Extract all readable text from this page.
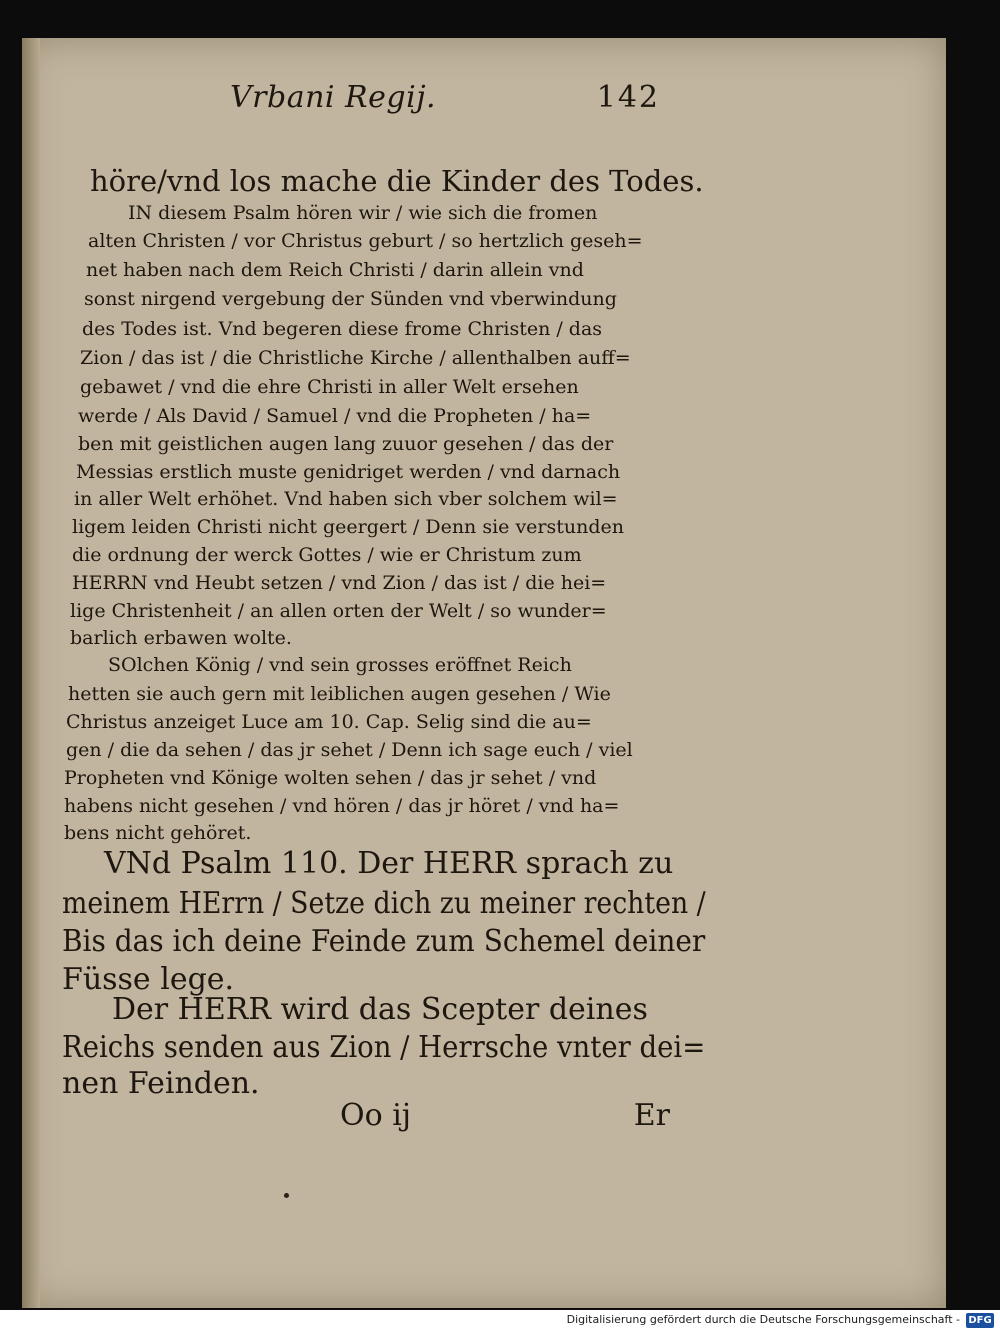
Vrbani Regij.	142
höre/vnd los mache die Kinder des Todes.
IN diesem Psalm hören wir / wie sich die fromen
alten Christen / vor Christus geburt / so hertzlich geseh=
net haben nach dem Reich Christi / darin allein vnd
sonst nirgend vergebung der Sünden vnd vberwindung
des Todes ist. Vnd begeren diese frome Christen / das
Zion / das ist / die Christliche Kirche / allenthalben auff=
gebawet / vnd die ehre Christi in aller Welt ersehen
werde / Als David / Samuel / vnd die Propheten / ha=
ben mit geistlichen augen lang zuuor gesehen / das der
Messias erstlich muste genidriget werden / vnd darnach
in aller Welt erhöhet. Vnd haben sich vber solchem wil=
ligem leiden Christi nicht geergert / Denn sie verstunden
die ordnung der werck Gottes / wie er Christum zum
HERRN vnd Heubt setzen / vnd Zion / das ist / die hei=
lige Christenheit / an allen orten der Welt / so wunder=
barlich erbawen wolte.
SOlchen König / vnd sein grosses eröffnet Reich
hetten sie auch gern mit leiblichen augen gesehen / Wie
Christus anzeiget Luce am 10. Cap. Selig sind die au=
gen / die da sehen / das jr sehet / Denn ich sage euch / viel
Propheten vnd Könige wolten sehen / das jr sehet / vnd
habens nicht gesehen / vnd hören / das jr höret / vnd ha=
bens nicht gehöret.
VNd Psalm 110. Der HERR sprach zu
meinem HErrn / Setze dich zu meiner rechten /
Bis das ich deine Feinde zum Schemel deiner
Füsse lege.
Der HERR wird das Scepter deines
Reichs senden aus Zion / Herrsche vnter dei=
nen Feinden.
Oo ij	Er
Digitalisierung gefördert durch die Deutsche Forschungsgemeinschaft - DFG
